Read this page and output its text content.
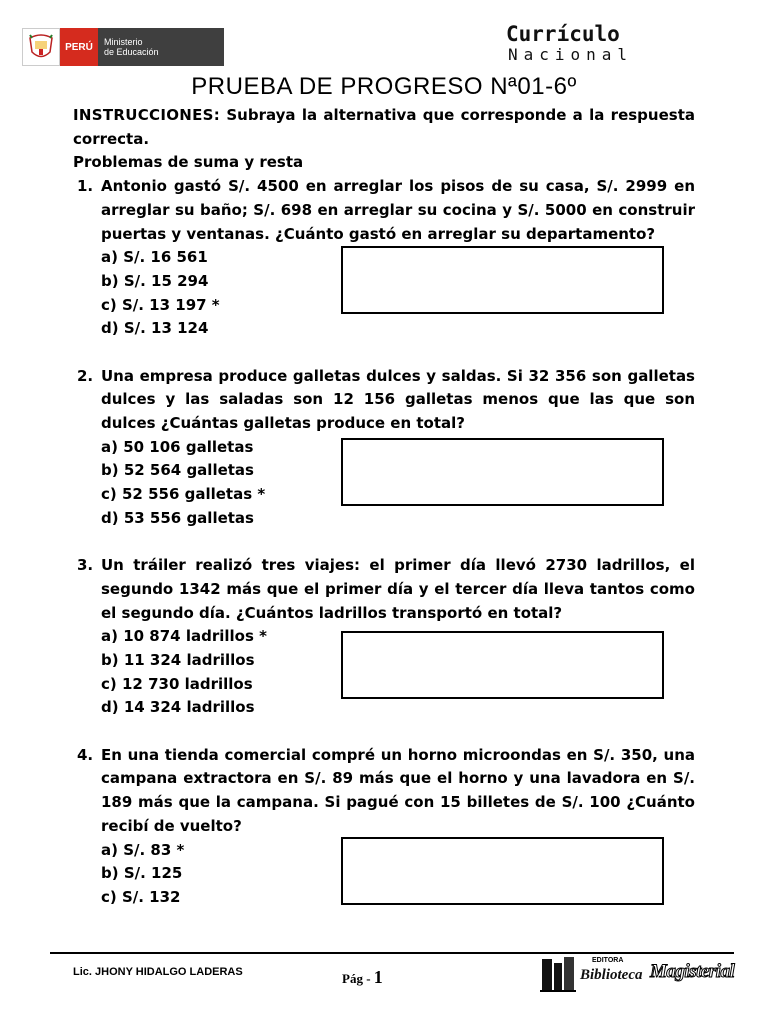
PERÚ	Ministerio
de Educación
Currículo
Nacional
PRUEBA DE PROGRESO Nª01-6º

INSTRUCCIONES: Subraya la alternativa que corresponde a la respuesta correcta.

Problemas de suma y resta

1. Antonio gastó S/. 4500 en arreglar los pisos de su casa, S/. 2999 en arreglar su baño; S/. 698 en arreglar su cocina y S/. 5000 en construir puertas y ventanas. ¿Cuánto gastó en arreglar su departamento?

a) S/. 16 561

b) S/. 15 294

c) S/. 13 197 *

d) S/. 13 124

2. Una empresa produce galletas dulces y saldas. Si 32 356 son galletas dulces y las saladas son 12 156 galletas menos que las que son dulces ¿Cuántas galletas produce en total?

a) 50 106 galletas

b) 52 564 galletas

c) 52 556 galletas *

d) 53 556 galletas

3. Un tráiler realizó tres viajes: el primer día llevó 2730 ladrillos, el segundo 1342 más que el primer día y el tercer día lleva tantos como el segundo día. ¿Cuántos ladrillos transportó en total?

a) 10 874 ladrillos *

b) 11 324 ladrillos

c) 12 730 ladrillos

d) 14 324 ladrillos

4. En una tienda comercial compré un horno microondas en S/. 350, una campana extractora en S/. 89 más que el horno y una lavadora en S/. 189 más que la campana. Si pagué con 15 billetes de S/. 100 ¿Cuánto recibí de vuelto?

a) S/. 83 *

b) S/. 125

c) S/. 132

Lic. JHONY HIDALGO LADERAS	Pág - 1
EDITORA
Biblioteca Magisterial
